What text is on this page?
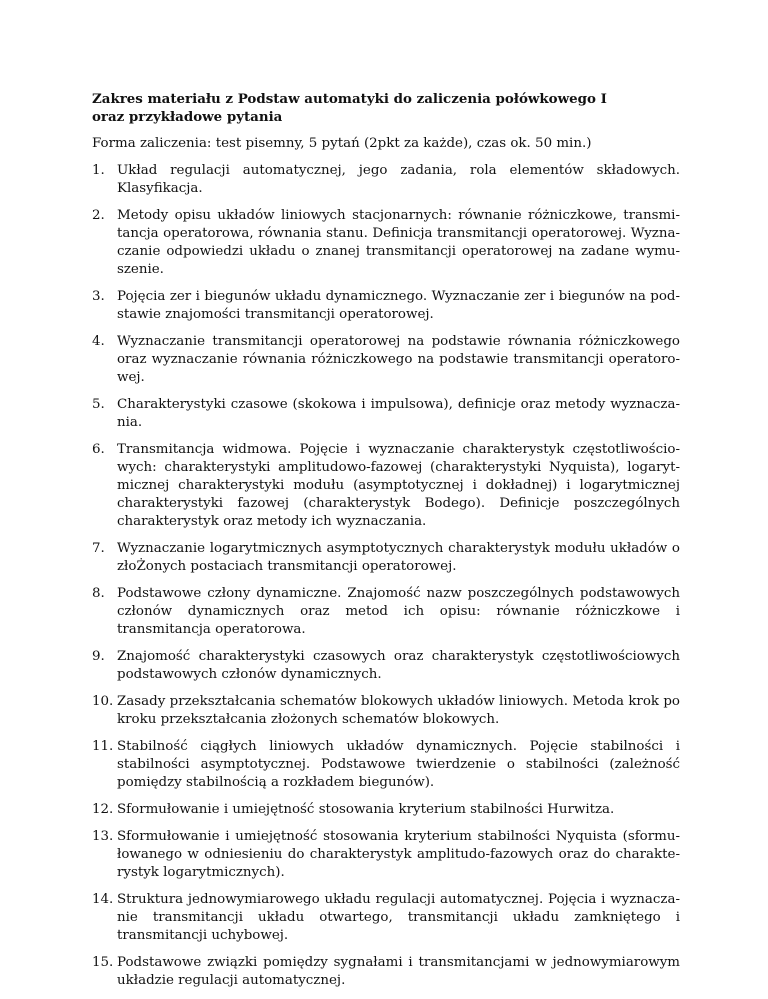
Zakres materiału z Podstaw automatyki do zaliczenia połówkowego I
oraz przykładowe pytania
Forma zaliczenia: test pisemny, 5 pytań (2pkt za każde), czas ok. 50 min.)
1. Układ regulacji automatycznej, jego zadania, rola elementów składowych. Klasyfikacja.
2. Metody opisu układów liniowych stacjonarnych: równanie różniczkowe, transmitancja operatorowa, równania stanu. Definicja transmitancji operatorowej. Wyznaczanie odpowiedzi układu o znanej transmitancji operatorowej na zadane wymuszenie.
3. Pojęcia zer i biegunów układu dynamicznego. Wyznaczanie zer i biegunów na podstawie znajomości transmitancji operatorowej.
4. Wyznaczanie transmitancji operatorowej na podstawie równania różniczkowego oraz wyznaczanie równania różniczkowego na podstawie transmitancji operatorowej.
5. Charakterystyki czasowe (skokowa i impulsowa), definicje oraz metody wyznaczania.
6. Transmitancja widmowa. Pojęcie i wyznaczanie charakterystyk częstotliwościowych: charakterystyki amplitudowo-fazowej (charakterystyki Nyquista), logarytmicznej charakterystyki modułu (asymptotycznej i dokładnej) i logarytmicznej charakterystyki fazowej (charakterystyk Bodego). Definicje poszczególnych charakterystyk oraz metody ich wyznaczania.
7. Wyznaczanie logarytmicznych asymptotycznych charakterystyk modułu układów o złoŻonych postaciach transmitancji operatorowej.
8. Podstawowe człony dynamiczne. Znajomość nazw poszczególnych podstawowych członów dynamicznych oraz metod ich opisu: równanie różniczkowe i transmitancja operatorowa.
9. Znajomość charakterystyki czasowych oraz charakterystyk częstotliwościowych podstawowych członów dynamicznych.
10. Zasady przekształcania schematów blokowych układów liniowych. Metoda krok po kroku przekształcania złożonych schematów blokowych.
11. Stabilność ciągłych liniowych układów dynamicznych. Pojęcie stabilności i stabilności asymptotycznej. Podstawowe twierdzenie o stabilności (zależność pomiędzy stabilnością a rozkładem biegunów).
12. Sformułowanie i umiejętność stosowania kryterium stabilności Hurwitza.
13. Sformułowanie i umiejętność stosowania kryterium stabilności Nyquista (sformułowanego w odniesieniu do charakterystyk amplitudo-fazowych oraz do charakterystyk logarytmicznych).
14. Struktura jednowymiarowego układu regulacji automatycznej. Pojęcia i wyznaczanie transmitancji układu otwartego, transmitancji układu zamkniętego i transmitancji uchybowej.
15. Podstawowe związki pomiędzy sygnałami i transmitancjami w jednowymiarowym układzie regulacji automatycznej.
